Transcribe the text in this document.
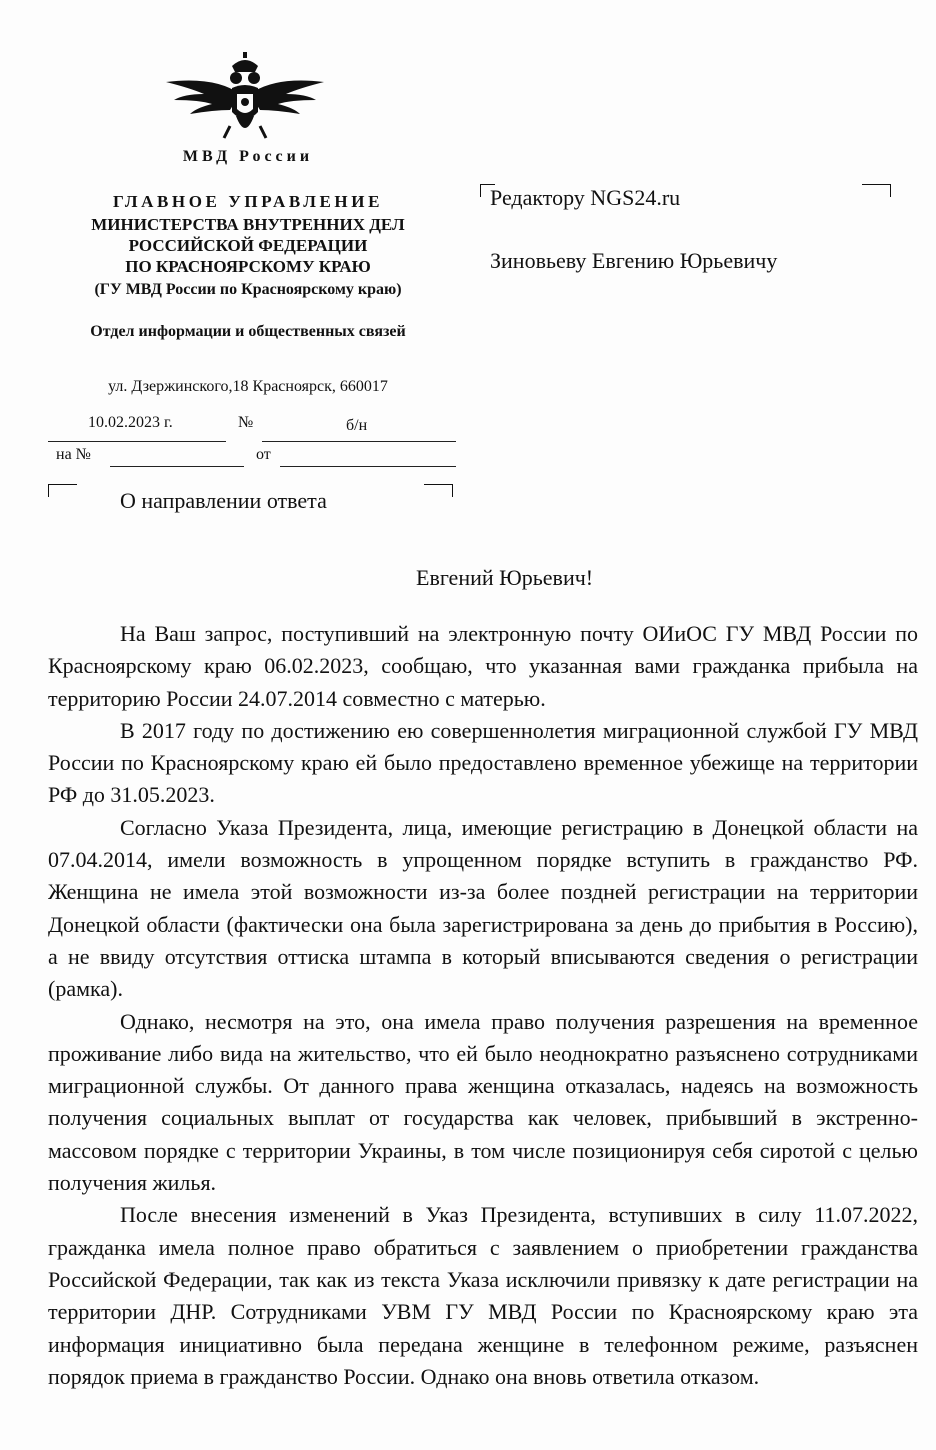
МВД России
ГЛАВНОЕ УПРАВЛЕНИЕ
МИНИСТЕРСТВА ВНУТРЕННИХ ДЕЛ
РОССИЙСКОЙ ФЕДЕРАЦИИ
ПО КРАСНОЯРСКОМУ КРАЮ
(ГУ МВД России по Красноярскому краю)
Отдел информации и общественных связей
ул. Дзержинского,18 Красноярск, 660017
10.02.2023 г.	№	б/н
на №	от
О направлении ответа
Редактору NGS24.ru
Зиновьеву Евгению Юрьевичу
Евгений Юрьевич!

На Ваш запрос, поступивший на электронную почту ОИиОС ГУ МВД России по Красноярскому краю 06.02.2023, сообщаю, что указанная вами гражданка прибыла на территорию России 24.07.2014 совместно с матерью.

В 2017 году по достижению ею совершеннолетия миграционной службой ГУ МВД России по Красноярскому краю ей было предоставлено временное убежище на территории РФ до 31.05.2023.

Согласно Указа Президента, лица, имеющие регистрацию в Донецкой области на 07.04.2014, имели возможность в упрощенном порядке вступить в гражданство РФ. Женщина не имела этой возможности из-за более поздней регистрации на территории Донецкой области (фактически она была зарегистрирована за день до прибытия в Россию), а не ввиду отсутствия оттиска штампа в который вписываются сведения о регистрации (рамка).

Однако, несмотря на это, она имела право получения разрешения на временное проживание либо вида на жительство, что ей было неоднократно разъяснено сотрудниками миграционной службы. От данного права женщина отказалась, надеясь на возможность получения социальных выплат от государства как человек, прибывший в экстренно-массовом порядке с территории Украины, в том числе позиционируя себя сиротой с целью получения жилья.

После внесения изменений в Указ Президента, вступивших в силу 11.07.2022, гражданка имела полное право обратиться с заявлением о приобретении гражданства Российской Федерации, так как из текста Указа исключили привязку к дате регистрации на территории ДНР. Сотрудниками УВМ ГУ МВД России по Красноярскому краю эта информация инициативно была передана женщине в телефонном режиме, разъяснен порядок приема в гражданство России. Однако она вновь ответила отказом.
